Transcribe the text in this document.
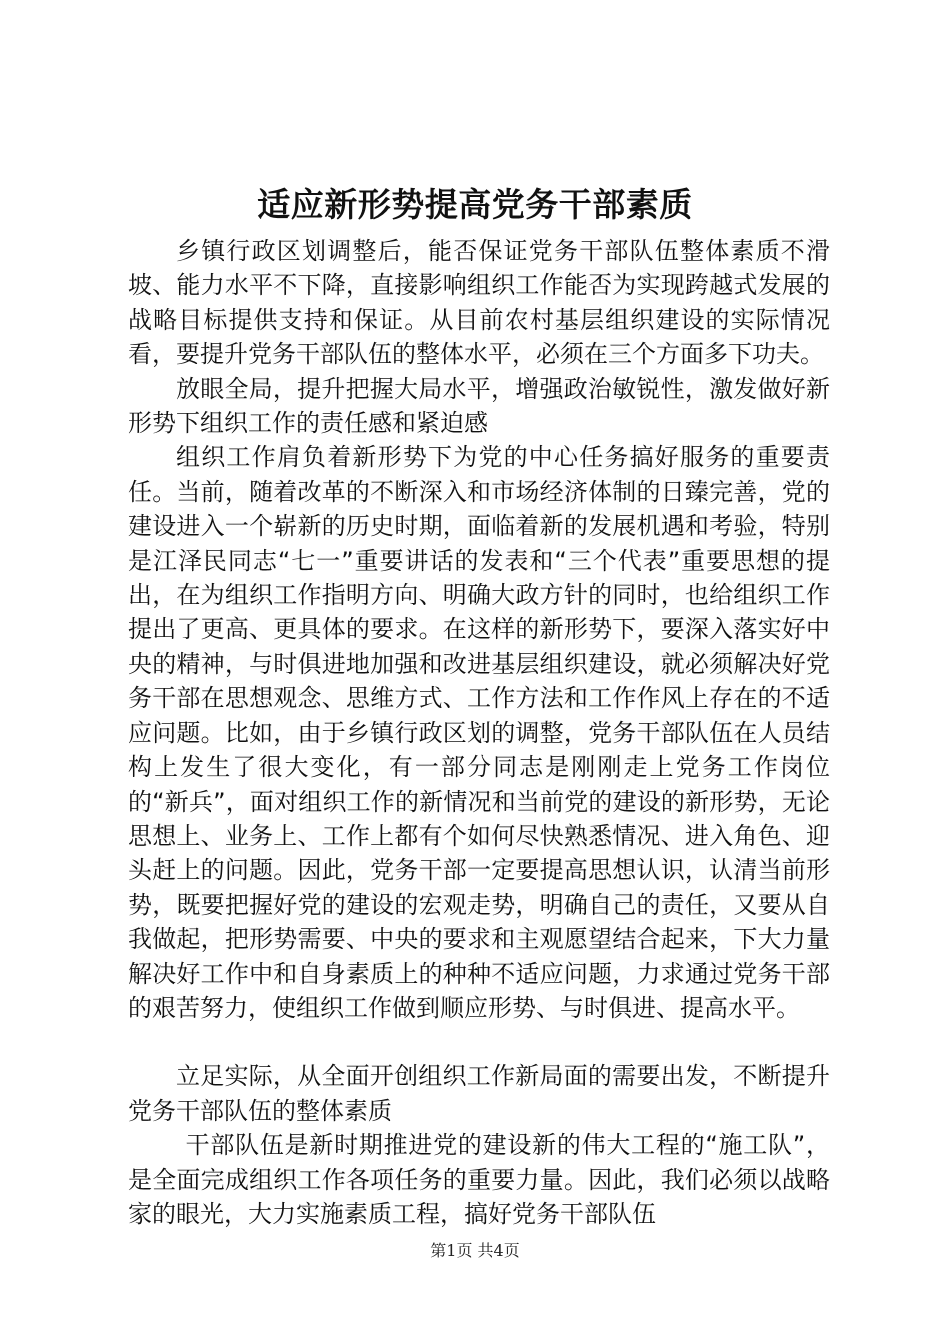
适应新形势提高党务干部素质

乡镇行政区划调整后，能否保证党务干部队伍整体素质不滑坡、能力水平不下降，直接影响组织工作能否为实现跨越式发展的战略目标提供支持和保证。从目前农村基层组织建设的实际情况看，要提升党务干部队伍的整体水平，必须在三个方面多下功夫。

放眼全局，提升把握大局水平，增强政治敏锐性，激发做好新形势下组织工作的责任感和紧迫感

组织工作肩负着新形势下为党的中心任务搞好服务的重要责任。当前，随着改革的不断深入和市场经济体制的日臻完善，党的建设进入一个崭新的历史时期，面临着新的发展机遇和考验，特别是江泽民同志“七一”重要讲话的发表和“三个代表”重要思想的提出，在为组织工作指明方向、明确大政方针的同时，也给组织工作提出了更高、更具体的要求。在这样的新形势下，要深入落实好中央的精神，与时俱进地加强和改进基层组织建设，就必须解决好党务干部在思想观念、思维方式、工作方法和工作作风上存在的不适应问题。比如，由于乡镇行政区划的调整，党务干部队伍在人员结构上发生了很大变化，有一部分同志是刚刚走上党务工作岗位的“新兵”，面对组织工作的新情况和当前党的建设的新形势，无论思想上、业务上、工作上都有个如何尽快熟悉情况、进入角色、迎头赶上的问题。因此，党务干部一定要提高思想认识，认清当前形势，既要把握好党的建设的宏观走势，明确自己的责任，又要从自我做起，把形势需要、中央的要求和主观愿望结合起来，下大力量解决好工作中和自身素质上的种种不适应问题，力求通过党务干部的艰苦努力，使组织工作做到顺应形势、与时俱进、提高水平。

立足实际，从全面开创组织工作新局面的需要出发，不断提升党务干部队伍的整体素质

干部队伍是新时期推进党的建设新的伟大工程的“施工队”，是全面完成组织工作各项任务的重要力量。因此，我们必须以战略家的眼光，大力实施素质工程，搞好党务干部队伍

第1页 共4页
